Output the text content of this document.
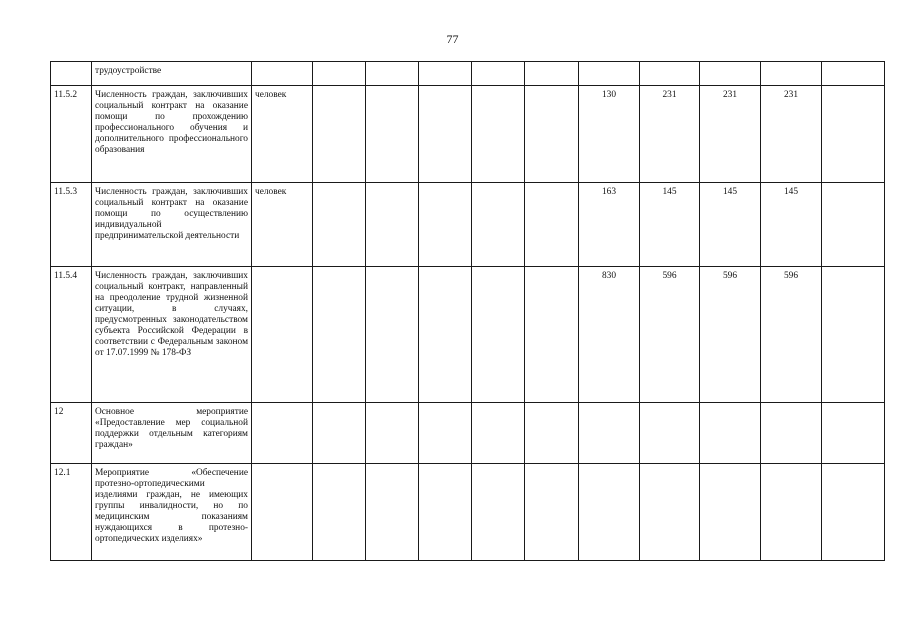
77
	трудоустройстве											
11.5.2	Численность граждан, заключивших социальный контракт на оказание помощи по прохождению профессионального обучения и дополнительного профессионального образования	человек						130	231	231	231	
11.5.3	Численность граждан, заключивших социальный контракт на оказание помощи по осуществлению индивидуальной предпринимательской деятельности	человек						163	145	145	145	
11.5.4	Численность граждан, заключивших социальный контракт, направленный на преодоление трудной жизненной ситуации, в случаях, предусмотренных законодательством субъекта Российской Федерации в соответствии с Федеральным законом от 17.07.1999 № 178-ФЗ							830	596	596	596	
12	Основное мероприятие «Предоставление мер социальной поддержки отдельным категориям граждан»											
12.1	Мероприятие «Обеспечение протезно-ортопедическими изделиями граждан, не имеющих группы инвалидности, но по медицинским показаниям нуждающихся в протезно-ортопедических изделиях»											
